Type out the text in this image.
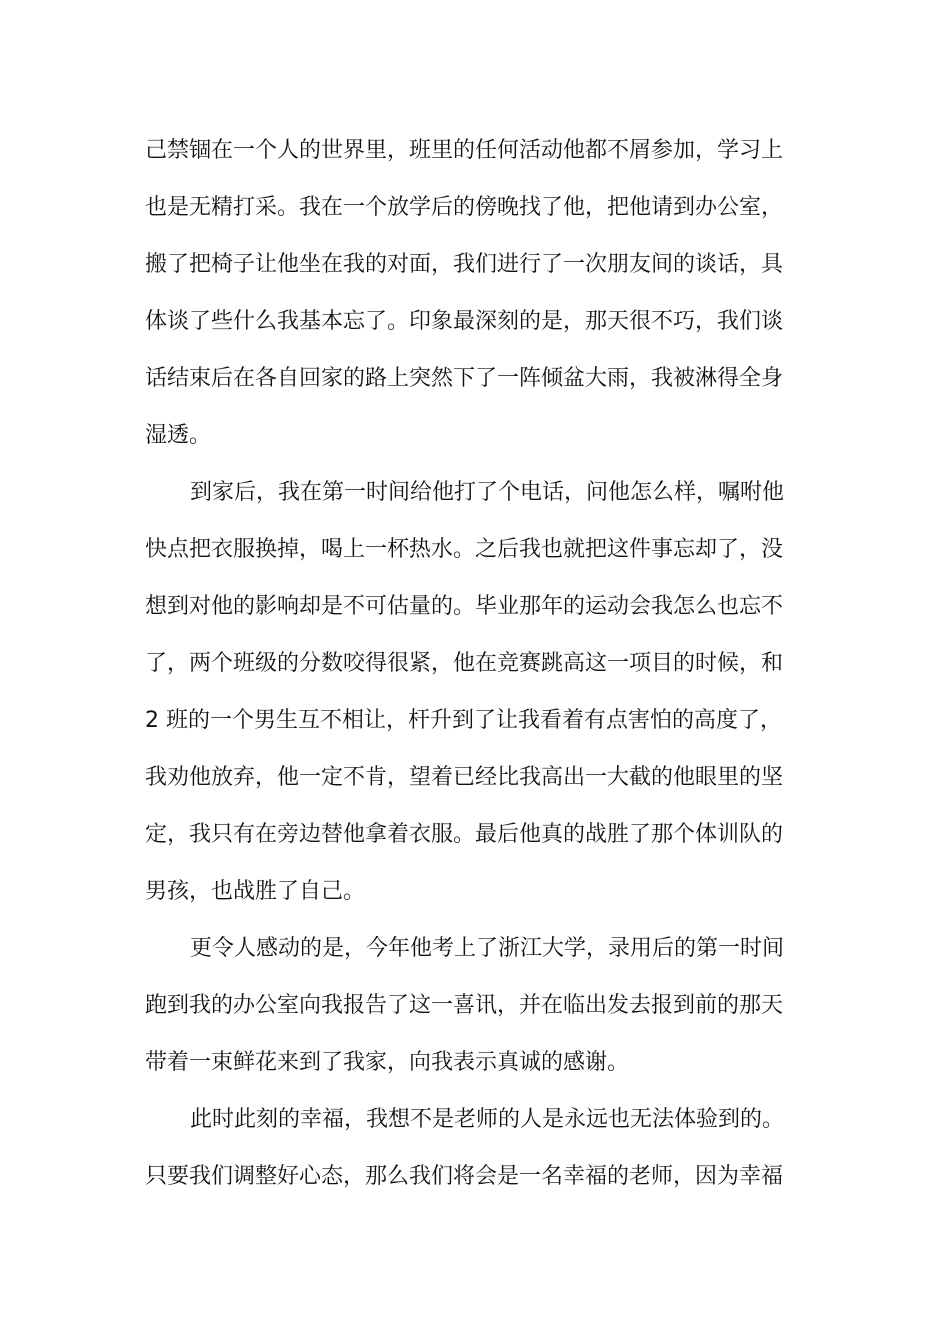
己禁锢在一个人的世界里，班里的任何活动他都不屑参加，学习上
也是无精打采。我在一个放学后的傍晚找了他，把他请到办公室，
搬了把椅子让他坐在我的对面，我们进行了一次朋友间的谈话，具
体谈了些什么我基本忘了。印象最深刻的是，那天很不巧，我们谈
话结束后在各自回家的路上突然下了一阵倾盆大雨，我被淋得全身
湿透。
到家后，我在第一时间给他打了个电话，问他怎么样，嘱咐他
快点把衣服换掉，喝上一杯热水。之后我也就把这件事忘却了，没
想到对他的影响却是不可估量的。毕业那年的运动会我怎么也忘不
了，两个班级的分数咬得很紧，他在竞赛跳高这一项目的时候，和
2 班的一个男生互不相让，杆升到了让我看着有点害怕的高度了，
我劝他放弃，他一定不肯，望着已经比我高出一大截的他眼里的坚
定，我只有在旁边替他拿着衣服。最后他真的战胜了那个体训队的
男孩，也战胜了自己。
更令人感动的是，今年他考上了浙江大学，录用后的第一时间
跑到我的办公室向我报告了这一喜讯，并在临出发去报到前的那天
带着一束鲜花来到了我家，向我表示真诚的感谢。
此时此刻的幸福，我想不是老师的人是永远也无法体验到的。
只要我们调整好心态，那么我们将会是一名幸福的老师，因为幸福
